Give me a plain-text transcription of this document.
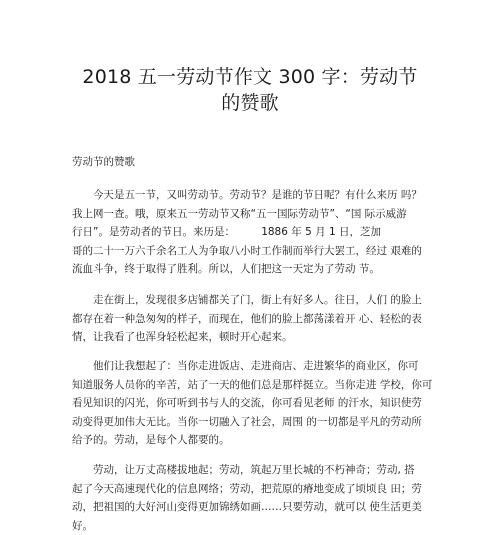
2018 五一劳动节作文 300 字：劳动节
的赞歌

劳动节的赞歌

　　今天是五一节，又叫劳动节。劳动节？是谁的节日呢？有什么来历 吗？
我上网一查。哦，原来五一劳动节又称“五一国际劳动节”、“国 际示威游
行日”。是劳动者的节日。来历是：　　　1886 年 5 月 1 日，芝加
哥的二十一万六千余名工人为争取八小时工作制而举行大罢工，经过 艰难的
流血斗争，终于取得了胜利。所以，人们把这一天定为了劳动 节。
　　走在街上，发现很多店铺都关了门，街上有好多人。往日，人们 的脸上
都存在着一种急匆匆的样子，而现在，他们的脸上都荡漾着开 心、轻松的表
情，让我看了也浑身轻松起来，顿时开心起来。
　　他们让我想起了：当你走进饭店、走进商店、走进繁华的商业区，你可
知道服务人员你的辛苦，站了一天的他们总是那样挺立。当你走进 学校，你可
看见知识的闪光，你可听到书与人的交流，你可看见老师 的汗水，知识使劳
动变得更加伟大无比。当你一切融入了社会，周围 的一切都是平凡的劳动所
给予的。劳动，是每个人都要的。
　　劳动，让万丈高楼拔地起；劳动，筑起万里长城的不朽神奇；劳动, 搭
起了今天高速现代化的信息网络；劳动，把荒原的瘠地变成了顷顷良 田；劳
动，把祖国的大好河山变得更加锦绣如画……只要劳动，就可以 使生活更美
好。
